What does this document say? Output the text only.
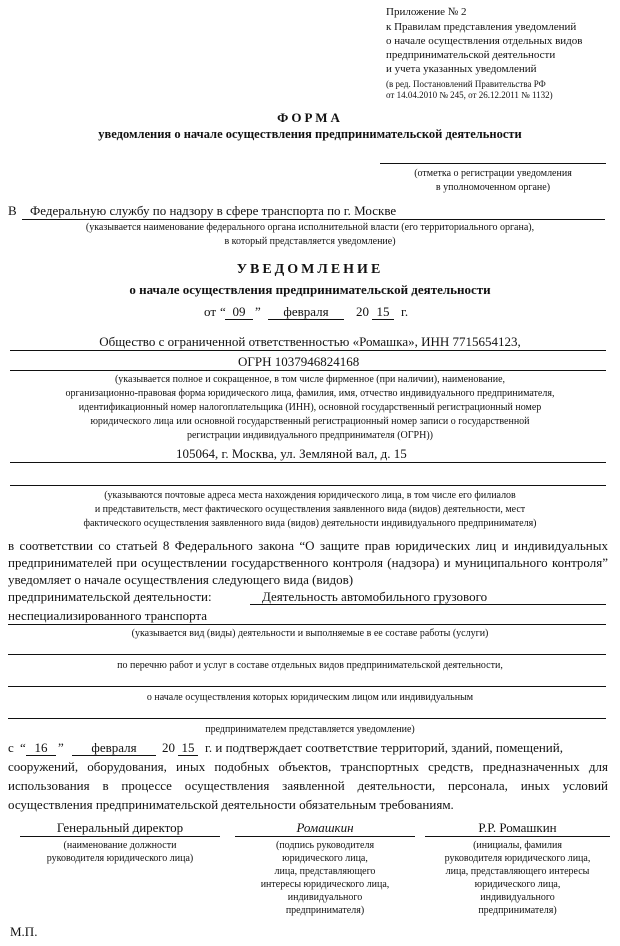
Приложение № 2
к Правилам представления уведомлений
о начале осуществления отдельных видов
предпринимательской деятельности
и учета указанных уведомлений
(в ред. Постановлений Правительства РФ
от 14.04.2010 № 245, от 26.12.2011 № 1132)
ФОРМА
уведомления о начале осуществления предпринимательской деятельности
(отметка о регистрации уведомления
в уполномоченном органе)
В Федеральную службу по надзору в сфере транспорта по г. Москве
(указывается наименование федерального органа исполнительной власти (его территориального органа),
в который представляется уведомление)
УВЕДОМЛЕНИЕ
о начале осуществления предпринимательской деятельности
от “ 09 ”	февраля	20 15 г.
Общество с ограниченной ответственностью «Ромашка», ИНН 7715654123,
ОГРН 1037946824168
(указывается полное и сокращенное, в том числе фирменное (при наличии), наименование,
организационно-правовая форма юридического лица, фамилия, имя, отчество индивидуального предпринимателя,
идентификационный номер налогоплательщика (ИНН), основной государственный регистрационный номер
юридического лица или основной государственный регистрационный номер записи о государственной
регистрации индивидуального предпринимателя (ОГРН))
105064, г. Москва, ул. Земляной вал, д. 15
(указываются почтовые адреса места нахождения юридического лица, в том числе его филиалов
и представительств, мест фактического осуществления заявленного вида (видов) деятельности, мест
фактического осуществления заявленного вида (видов) деятельности индивидуального предпринимателя)
в соответствии со статьей 8 Федерального закона “О защите прав юридических лиц и индивидуальных предпринимателей при осуществлении государственного контроля (надзора) и муниципального контроля” уведомляет о начале осуществления следующего вида (видов)
предпринимательской деятельности:	Деятельность автомобильного грузового
неспециализированного транспорта
(указывается вид (виды) деятельности и выполняемые в ее составе работы (услуги)
по перечню работ и услуг в составе отдельных видов предпринимательской деятельности,
о начале осуществления которых юридическим лицом или индивидуальным
предпринимателем представляется уведомление)
с “ 16 ”	февраля	20 15 г. и подтверждает соответствие территорий, зданий, помещений,
сооружений, оборудования, иных подобных объектов, транспортных средств, предназначенных для использования в процессе осуществления заявленной деятельности, персонала, иных условий осуществления предпринимательской деятельности обязательным требованиям.
Генеральный директор
(наименование должности
руководителя юридического лица)
Ромашкин
(подпись руководителя
юридического лица,
лица, представляющего
интересы юридического лица,
индивидуального
предпринимателя)
Р.Р. Ромашкин
(инициалы, фамилия
руководителя юридического лица,
лица, представляющего интересы
юридического лица,
индивидуального
предпринимателя)
М.П.
